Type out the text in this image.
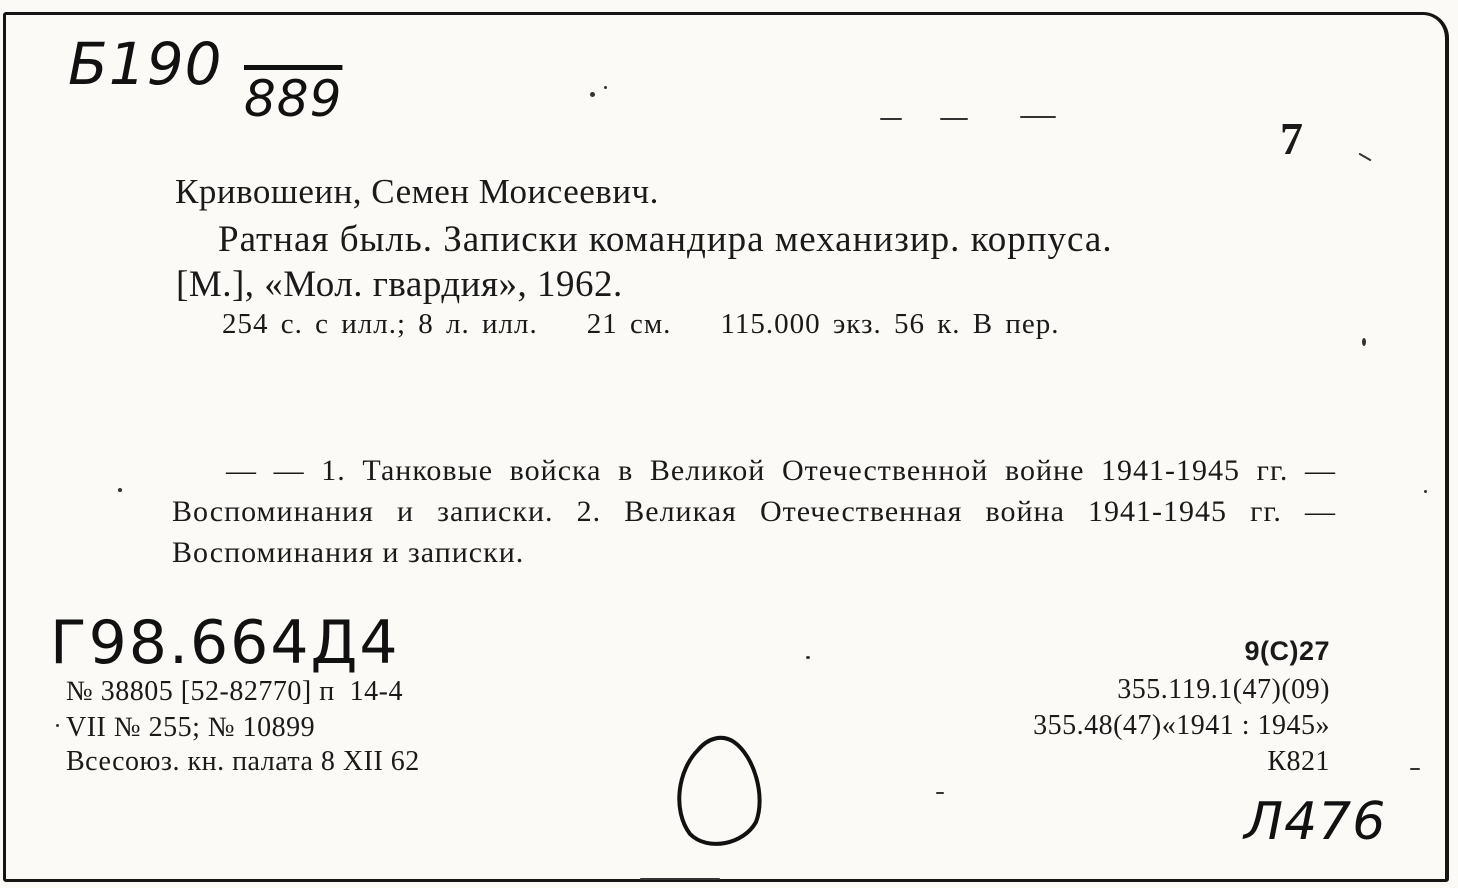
Б190
889
7
Кривошеин, Семен Моисеевич.
Ратная быль. Записки командира механизир. корпуса.
[М.], «Мол. гвардия», 1962.
254 с. с илл.; 8 л. илл.    21 см.    115.000 экз. 56 к. В пер.
— — 1. Танковые войска в Великой Отечественной войне 1941-1945 гг. — Воспоминания и записки. 2. Великая Отечественная война 1941-1945 гг. — Воспоминания и записки.
Г98.664Д4
№ 38805 [52-82770] п  14-4
VII № 255; № 10899
Всесоюз. кн. палата 8 XII 62
9(С)27
355.119.1(47)(09)
355.48(47)«1941 : 1945»
К821
Л476
